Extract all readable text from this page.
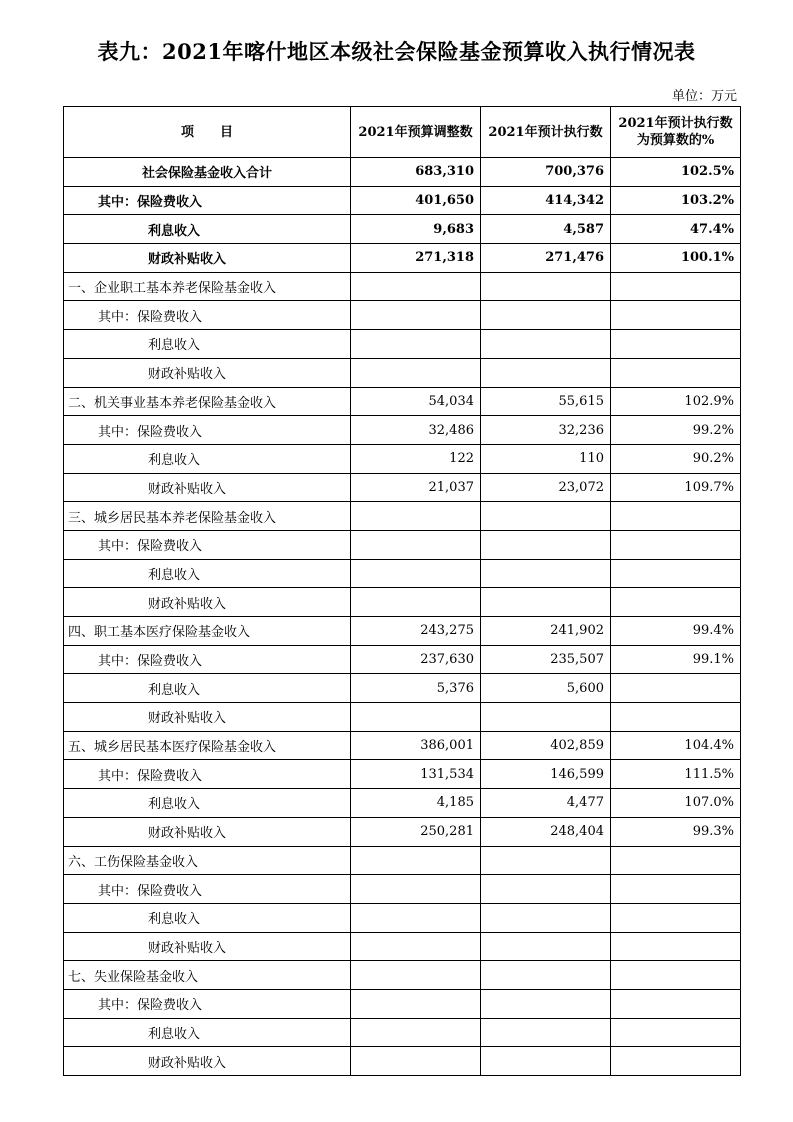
表九：2021年喀什地区本级社会保险基金预算收入执行情况表
单位：万元
项　　目	2021年预算调整数	2021年预计执行数	2021年预计执行数为预算数的%
社会保险基金收入合计	683,310	700,376	102.5%
其中：保险费收入	401,650	414,342	103.2%
利息收入	9,683	4,587	47.4%
财政补贴收入	271,318	271,476	100.1%
一、企业职工基本养老保险基金收入			
其中：保险费收入			
利息收入			
财政补贴收入			
二、机关事业基本养老保险基金收入	54,034	55,615	102.9%
其中：保险费收入	32,486	32,236	99.2%
利息收入	122	110	90.2%
财政补贴收入	21,037	23,072	109.7%
三、城乡居民基本养老保险基金收入			
其中：保险费收入			
利息收入			
财政补贴收入			
四、职工基本医疗保险基金收入	243,275	241,902	99.4%
其中：保险费收入	237,630	235,507	99.1%
利息收入	5,376	5,600	
财政补贴收入			
五、城乡居民基本医疗保险基金收入	386,001	402,859	104.4%
其中：保险费收入	131,534	146,599	111.5%
利息收入	4,185	4,477	107.0%
财政补贴收入	250,281	248,404	99.3%
六、工伤保险基金收入			
其中：保险费收入			
利息收入			
财政补贴收入			
七、失业保险基金收入			
其中：保险费收入			
利息收入			
财政补贴收入			
